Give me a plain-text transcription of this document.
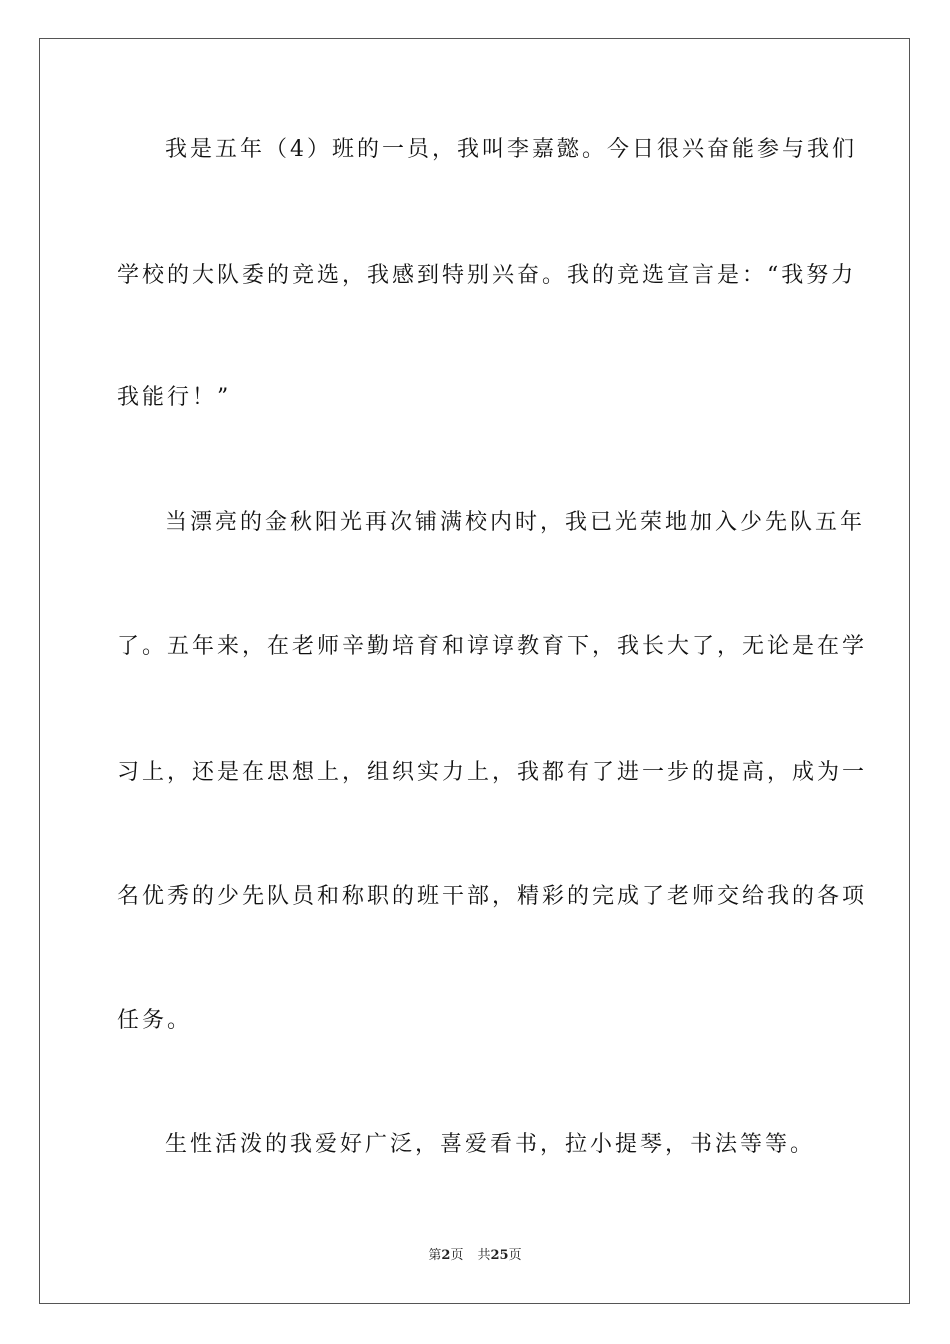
我是五年（4）班的一员，我叫李嘉懿。今日很兴奋能参与我们

学校的大队委的竞选，我感到特别兴奋。我的竞选宣言是：“我努力

我能行！”

当漂亮的金秋阳光再次铺满校内时，我已光荣地加入少先队五年

了。五年来，在老师辛勤培育和谆谆教育下，我长大了，无论是在学

习上，还是在思想上，组织实力上，我都有了进一步的提高，成为一

名优秀的少先队员和称职的班干部，精彩的完成了老师交给我的各项

任务。

生性活泼的我爱好广泛，喜爱看书，拉小提琴，书法等等。

第2页 共25页
